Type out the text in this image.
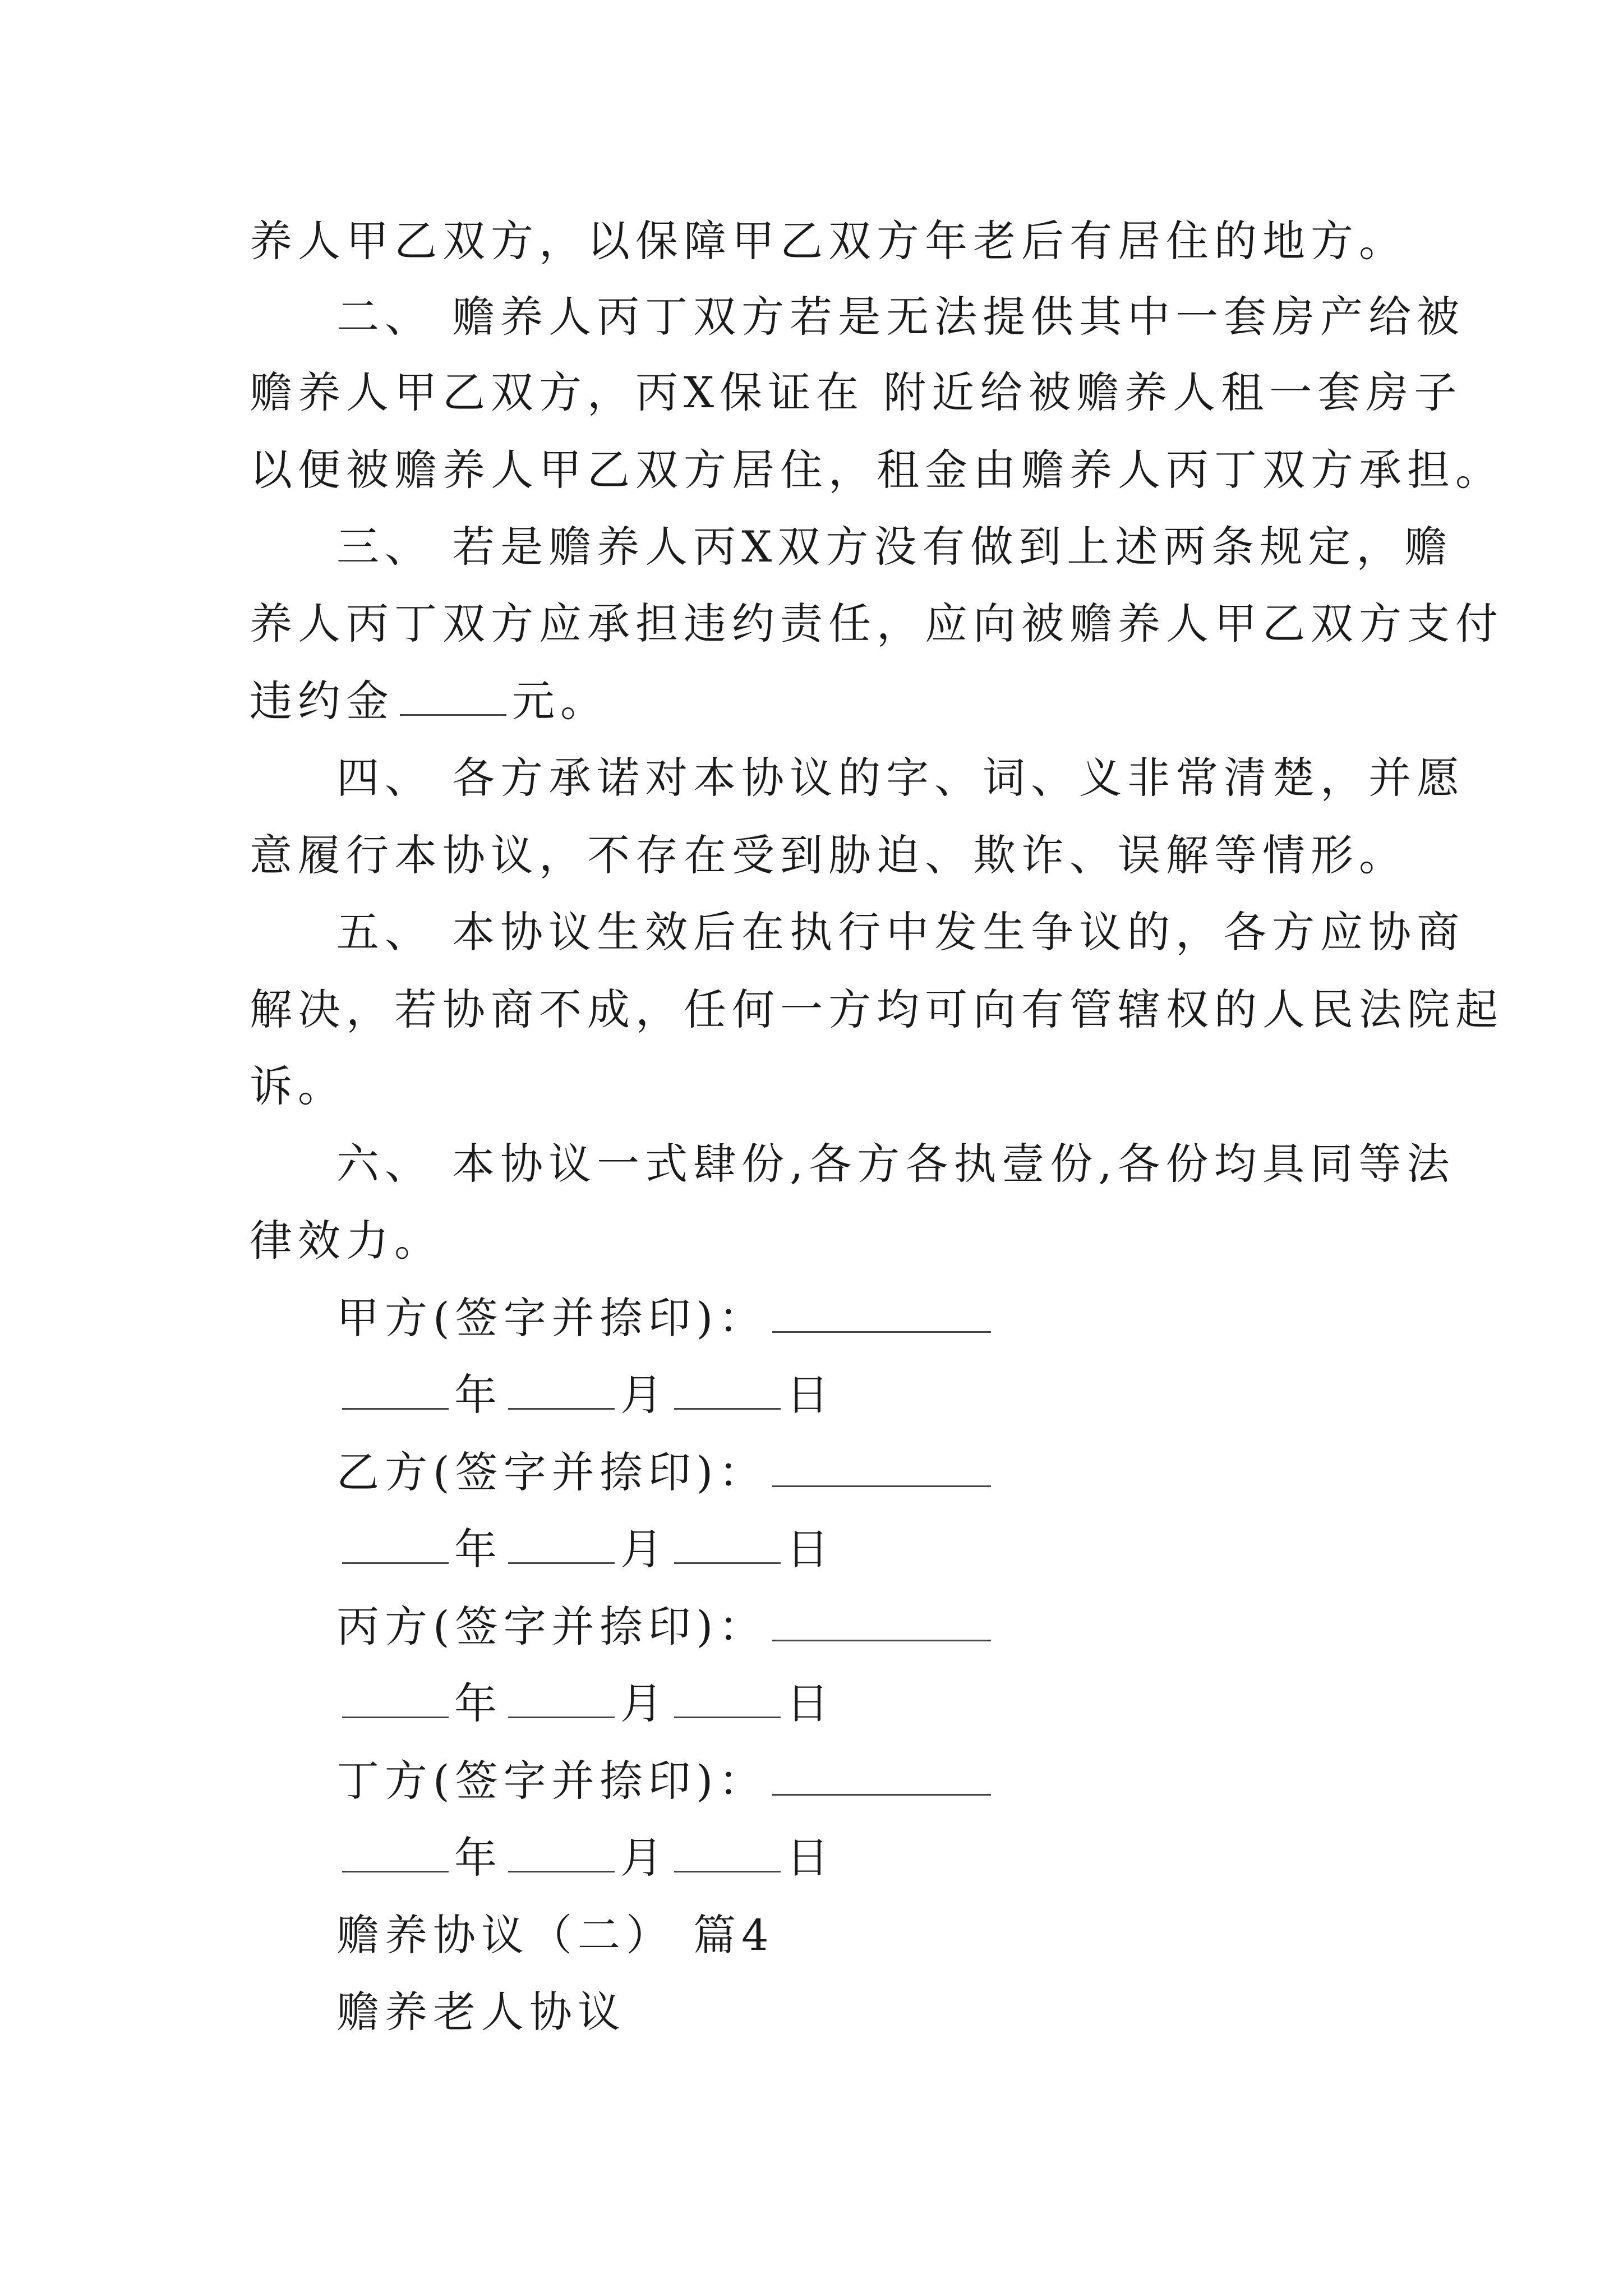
养人甲乙双方，以保障甲乙双方年老后有居住的地方。
二、 赡养人丙丁双方若是无法提供其中一套房产给被
赡养人甲乙双方，丙X保证在 附近给被赡养人租一套房子
以便被赡养人甲乙双方居住，租金由赡养人丙丁双方承担。
三、 若是赡养人丙X双方没有做到上述两条规定，赡
养人丙丁双方应承担违约责任，应向被赡养人甲乙双方支付
违约金	元。
四、 各方承诺对本协议的字、词、义非常清楚，并愿
意履行本协议，不存在受到胁迫、欺诈、误解等情形。
五、 本协议生效后在执行中发生争议的，各方应协商
解决，若协商不成，任何一方均可向有管辖权的人民法院起
诉。
六、 本协议一式肆份,各方各执壹份,各份均具同等法
律效力。
甲方(签字并捺印)：
年	月	日
乙方(签字并捺印)：
年	月	日
丙方(签字并捺印)：
年	月	日
丁方(签字并捺印)：
年	月	日
赡养协议（二） 篇4
赡养老人协议
